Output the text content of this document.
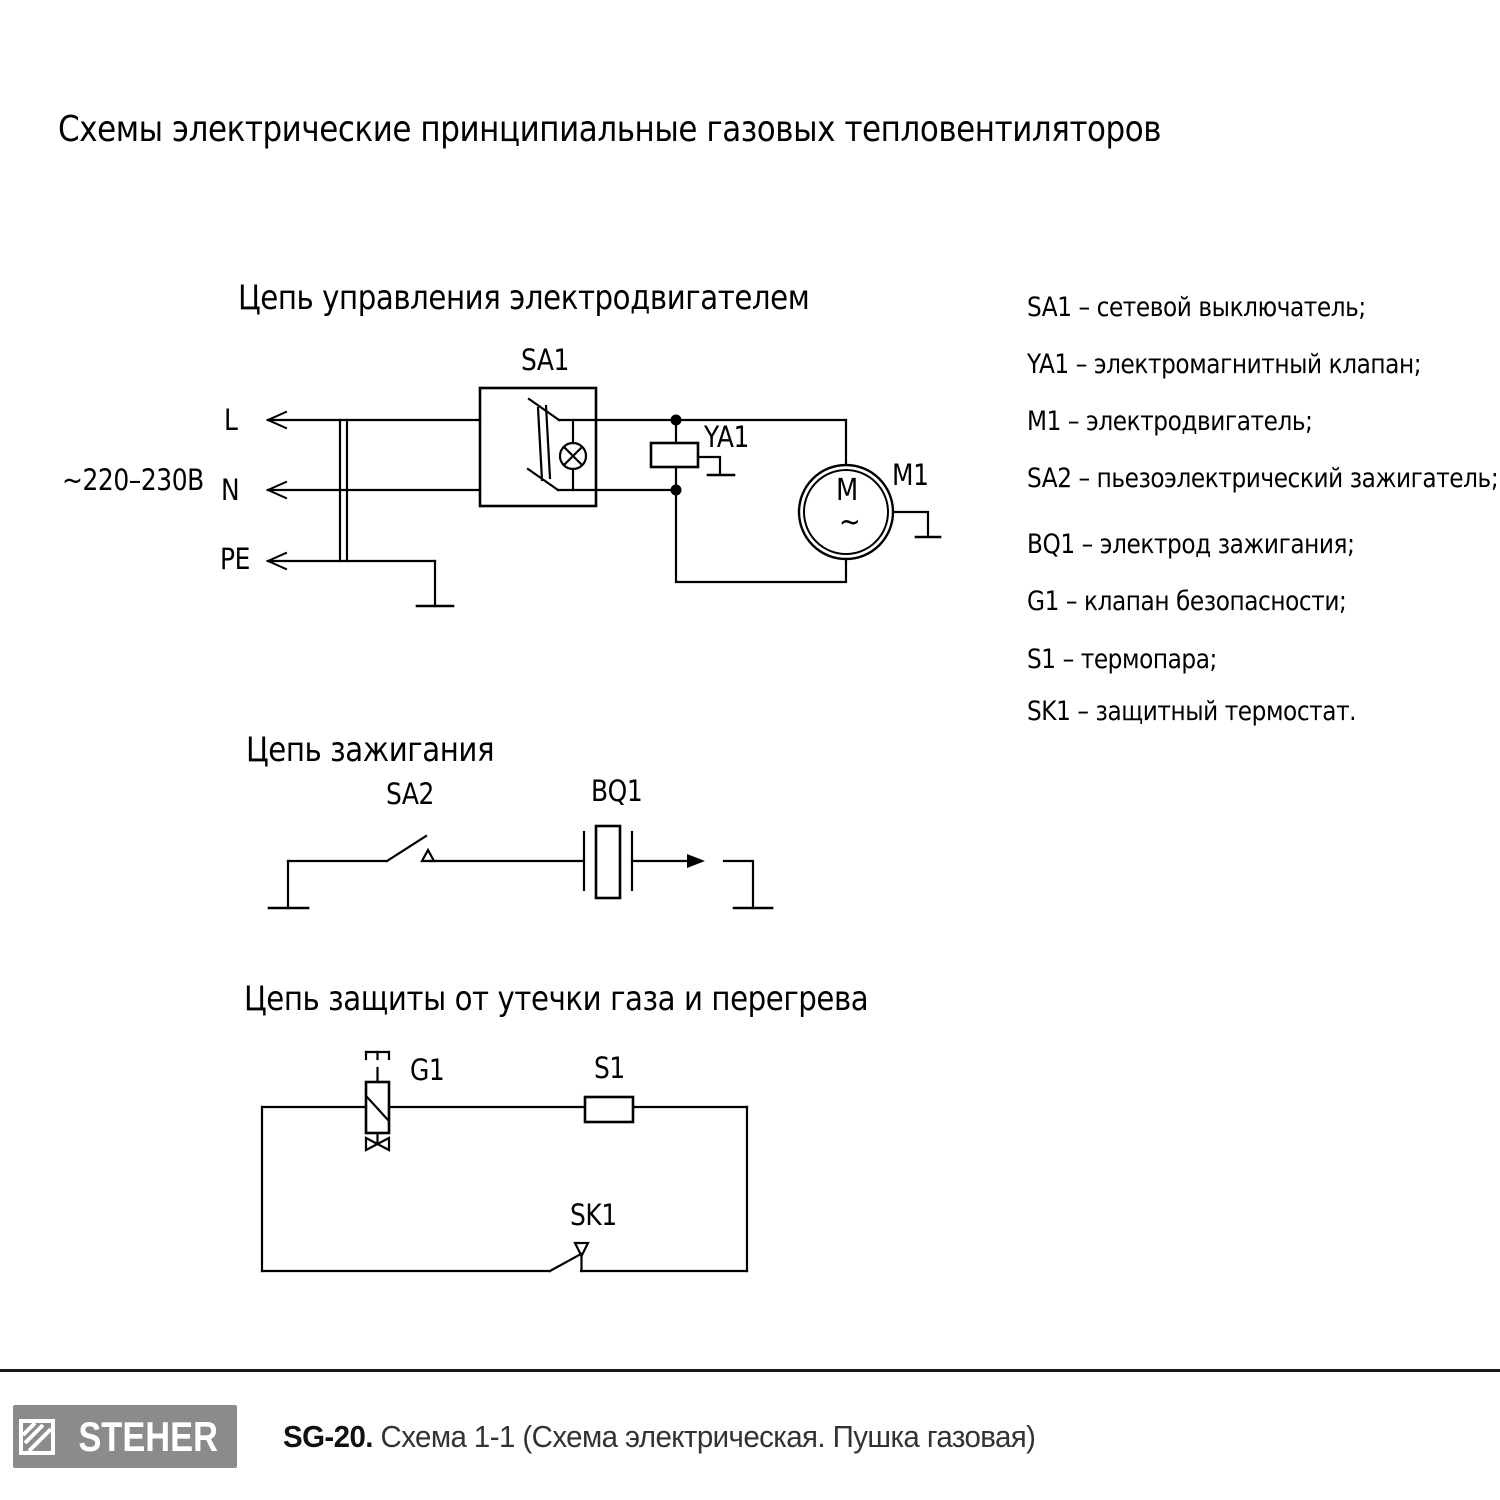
Схемы электрические принципиальные газовых тепловентиляторов
Цепь управления электродвигателем
~220–230В
L
N
PE
SA1
YA1
M1
M
~
SA1 – сетевой выключатель;
YA1 – электромагнитный клапан;
M1 – электродвигатель;
SA2 – пьезоэлектрический зажигатель;
BQ1 – электрод зажигания;
G1 – клапан безопасности;
S1 – термопара;
SK1 – защитный термостат.
Цепь зажигания
SA2	BQ1
Цепь защиты от утечки газа и перегрева
G1	S1
SK1
STEHER SG-20. Схема 1-1 (Схема электрическая. Пушка газовая)
